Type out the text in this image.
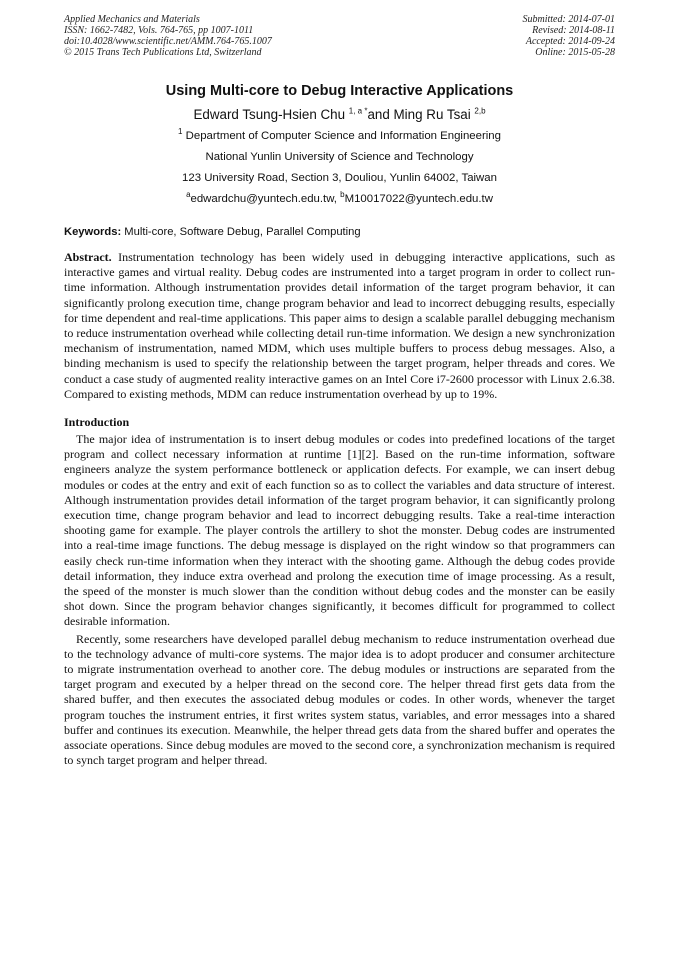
Applied Mechanics and Materials
ISSN: 1662-7482, Vols. 764-765, pp 1007-1011
doi:10.4028/www.scientific.net/AMM.764-765.1007
© 2015 Trans Tech Publications Ltd, Switzerland
Submitted: 2014-07-01
Revised: 2014-08-11
Accepted: 2014-09-24
Online: 2015-05-28
Using Multi-core to Debug Interactive Applications
Edward Tsung-Hsien Chu $^{1, a *}$and Ming Ru Tsai $^{2,b}$
$^1$ Department of Computer Science and Information Engineering
National Yunlin University of Science and Technology
123 University Road, Section 3, Douliou, Yunlin 64002, Taiwan
$^a$edwardchu@yuntech.edu.tw, $^b$M10017022@yuntech.edu.tw
Keywords: Multi-core, Software Debug, Parallel Computing
Abstract. Instrumentation technology has been widely used in debugging interactive applications, such as interactive games and virtual reality. Debug codes are instrumented into a target program in order to collect run-time information. Although instrumentation provides detail information of the target program behavior, it can significantly prolong execution time, change program behavior and lead to incorrect debugging results, especially for time dependent and real-time applications. This paper aims to design a scalable parallel debugging mechanism to reduce instrumentation overhead while collecting detail run-time information. We design a new synchronization mechanism of instrumentation, named MDM, which uses multiple buffers to process debug messages. Also, a binding mechanism is used to specify the relationship between the target program, helper threads and cores. We conduct a case study of augmented reality interactive games on an Intel Core i7-2600 processor with Linux 2.6.38. Compared to existing methods, MDM can reduce instrumentation overhead by up to 19%.
Introduction

The major idea of instrumentation is to insert debug modules or codes into predefined locations of the target program and collect necessary information at runtime [1][2]. Based on the run-time information, software engineers analyze the system performance bottleneck or application defects. For example, we can insert debug modules or codes at the entry and exit of each function so as to collect the variables and data structure of interest. Although instrumentation provides detail information of the target program behavior, it can significantly prolong execution time, change program behavior and lead to incorrect debugging results. Take a real-time interaction shooting game for example. The player controls the artillery to shot the monster. Debug codes are instrumented into a real-time image functions. The debug message is displayed on the right window so that programmers can easily check run-time information when they interact with the shooting game. Although the debug codes provide detail information, they induce extra overhead and prolong the execution time of image processing. As a result, the speed of the monster is much slower than the condition without debug codes and the monster can be easily shot down. Since the program behavior changes significantly, it becomes difficult for programmed to collect desirable information.

Recently, some researchers have developed parallel debug mechanism to reduce instrumentation overhead due to the technology advance of multi-core systems. The major idea is to adopt producer and consumer architecture to migrate instrumentation overhead to another core. The debug modules or instructions are separated from the target program and executed by a helper thread on the second core. The helper thread first gets data from the shared buffer, and then executes the associated debug modules or codes. In other words, whenever the target program touches the instrument entries, it first writes system status, variables, and error messages into a shared buffer and continues its execution. Meanwhile, the helper thread gets data from the shared buffer and operates the associate operations. Since debug modules are moved to the second core, a synchronization mechanism is required to synch target program and helper thread.
